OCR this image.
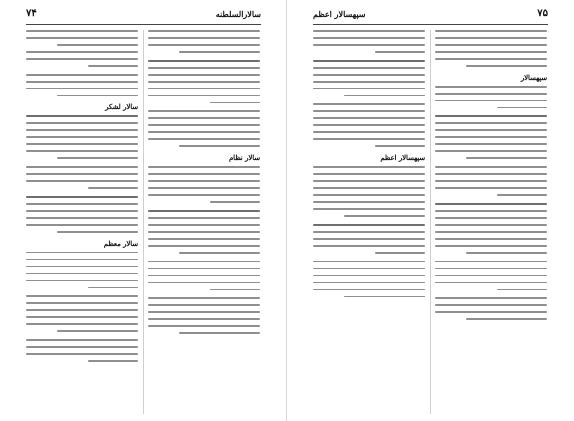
٧۴	سالارالسلطنه
سالار لشکر
سالار معظم
سالار نظام
سپهسالار اعظم	٧۵
سپهسالار اعظم
سپهسالار
